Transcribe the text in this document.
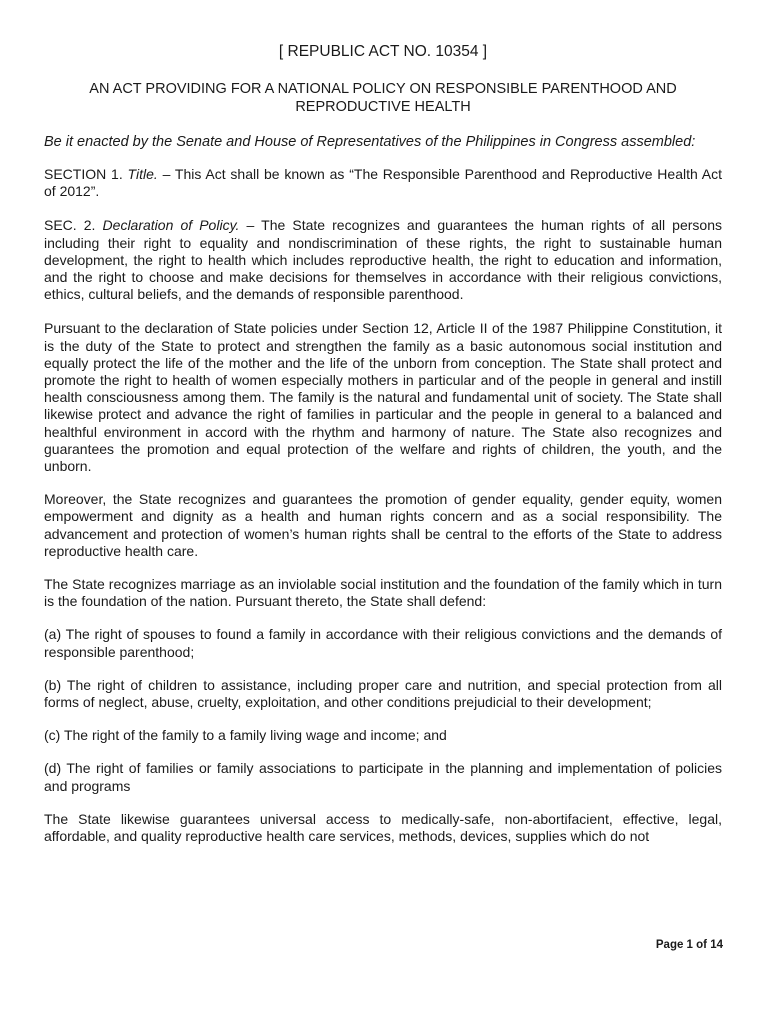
[ REPUBLIC ACT NO. 10354 ]
AN ACT PROVIDING FOR A NATIONAL POLICY ON RESPONSIBLE PARENTHOOD AND REPRODUCTIVE HEALTH
Be it enacted by the Senate and House of Representatives of the Philippines in Congress assembled:

SECTION 1. Title. – This Act shall be known as “The Responsible Parenthood and Reproductive Health Act of 2012”.

SEC. 2. Declaration of Policy. – The State recognizes and guarantees the human rights of all persons including their right to equality and nondiscrimination of these rights, the right to sustainable human development, the right to health which includes reproductive health, the right to education and information, and the right to choose and make decisions for themselves in accordance with their religious convictions, ethics, cultural beliefs, and the demands of responsible parenthood.

Pursuant to the declaration of State policies under Section 12, Article II of the 1987 Philippine Constitution, it is the duty of the State to protect and strengthen the family as a basic autonomous social institution and equally protect the life of the mother and the life of the unborn from conception. The State shall protect and promote the right to health of women especially mothers in particular and of the people in general and instill health consciousness among them. The family is the natural and fundamental unit of society. The State shall likewise protect and advance the right of families in particular and the people in general to a balanced and healthful environment in accord with the rhythm and harmony of nature. The State also recognizes and guarantees the promotion and equal protection of the welfare and rights of children, the youth, and the unborn.

Moreover, the State recognizes and guarantees the promotion of gender equality, gender equity, women empowerment and dignity as a health and human rights concern and as a social responsibility. The advancement and protection of women’s human rights shall be central to the efforts of the State to address reproductive health care.

The State recognizes marriage as an inviolable social institution and the foundation of the family which in turn is the foundation of the nation. Pursuant thereto, the State shall defend:

(a) The right of spouses to found a family in accordance with their religious convictions and the demands of responsible parenthood;

(b) The right of children to assistance, including proper care and nutrition, and special protection from all forms of neglect, abuse, cruelty, exploitation, and other conditions prejudicial to their development;

(c) The right of the family to a family living wage and income; and

(d) The right of families or family associations to participate in the planning and implementation of policies and programs

The State likewise guarantees universal access to medically-safe, non-abortifacient, effective, legal, affordable, and quality reproductive health care services, methods, devices, supplies which do not

Page 1 of 14
